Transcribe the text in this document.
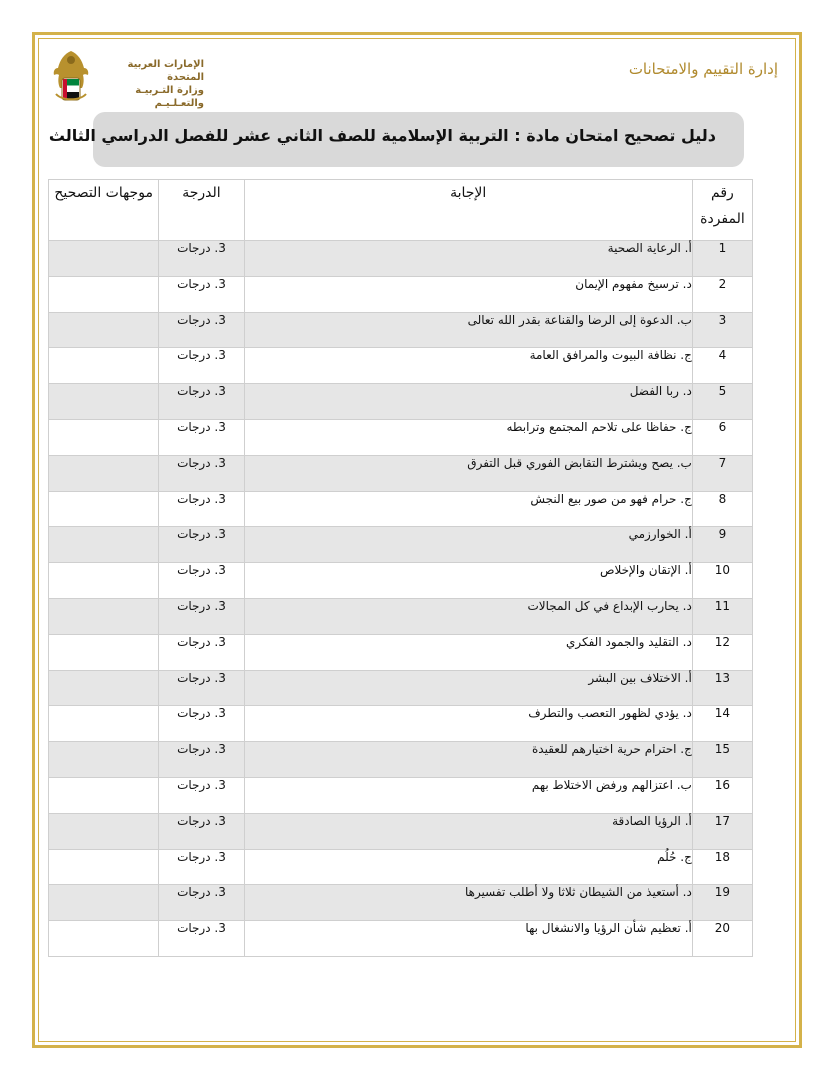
إدارة التقييم والامتحانات
الإمارات العربية المتحدة
وزارة التـربيـة والتعـلـيـم
دليل تصحيح امتحان مادة : التربية الإسلامية للصف الثاني عشر للفصل الدراسي الثالث
رقم المفردة	الإجابة	الدرجة	موجهات التصحيح
1	أ. الرعاية الصحية	3. درجات	
2	د. ترسيخ مفهوم الإيمان	3. درجات	
3	ب. الدعوة إلى الرضا والقناعة بقدر الله تعالى	3. درجات	
4	ج. نظافة البيوت والمرافق العامة	3. درجات	
5	د. ربا الفضل	3. درجات	
6	ج. حفاظا على تلاحم المجتمع وترابطه	3. درجات	
7	ب. يصح ويشترط التقابض الفوري قبل التفرق	3. درجات	
8	ج. حرام فهو من صور بيع النجش	3. درجات	
9	أ. الخوارزمي	3. درجات	
10	أ. الإتقان والإخلاص	3. درجات	
11	د. يحارب الإبداع في كل المجالات	3. درجات	
12	د. التقليد والجمود الفكري	3. درجات	
13	أ. الاختلاف بين البشر	3. درجات	
14	د. يؤدي لظهور التعصب والتطرف	3. درجات	
15	ج. احترام حرية اختيارهم للعقيدة	3. درجات	
16	ب. اعتزالهم ورفض الاختلاط بهم	3. درجات	
17	أ. الرؤيا الصادقة	3. درجات	
18	ج. حُلُم	3. درجات	
19	د. أستعيذ من الشيطان ثلاثا ولا أطلب تفسيرها	3. درجات	
20	أ. تعظيم شأن الرؤيا والانشغال بها	3. درجات	
